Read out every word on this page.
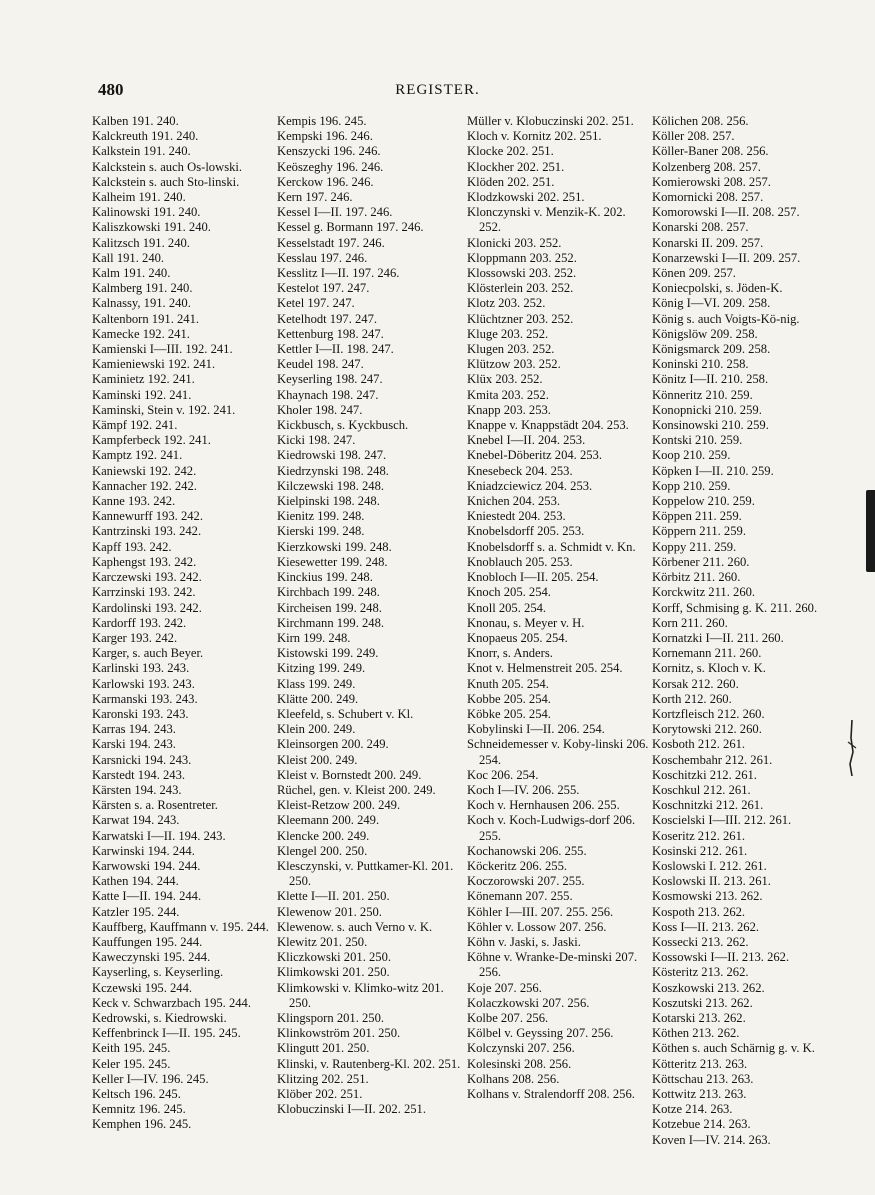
480	REGISTER.
Kalben 191. 240.
Kalckreuth 191. 240.
Kalkstein 191. 240.
Kalckstein s. auch Os-lowski.
Kalckstein s. auch Sto-linski.
Kalheim 191. 240.
Kalinowski 191. 240.
Kaliszkowski 191. 240.
Kalitzsch 191. 240.
Kall 191. 240.
Kalm 191. 240.
Kalmberg 191. 240.
Kalnassy, 191. 240.
Kaltenborn 191. 241.
Kamecke 192. 241.
Kamienski I—III. 192. 241.
Kamieniewski 192. 241.
Kaminietz 192. 241.
Kaminski 192. 241.
Kaminski, Stein v. 192. 241.
Kämpf 192. 241.
Kampferbeck 192. 241.
Kamptz 192. 241.
Kaniewski 192. 242.
Kannacher 192. 242.
Kanne 193. 242.
Kannewurff 193. 242.
Kantrzinski 193. 242.
Kapff 193. 242.
Kaphengst 193. 242.
Karczewski 193. 242.
Karrzinski 193. 242.
Kardolinski 193. 242.
Kardorff 193. 242.
Karger 193. 242.
Karger, s. auch Beyer.
Karlinski 193. 243.
Karlowski 193. 243.
Karmanski 193. 243.
Karonski 193. 243.
Karras 194. 243.
Karski 194. 243.
Karsnicki 194. 243.
Karstedt 194. 243.
Kärsten 194. 243.
Kärsten s. a. Rosentreter.
Karwat 194. 243.
Karwatski I—II. 194. 243.
Karwinski 194. 244.
Karwowski 194. 244.
Kathen 194. 244.
Katte I—II. 194. 244.
Katzler 195. 244.
Kauffberg, Kauffmann v. 195. 244.
Kauffungen 195. 244.
Kaweczynski 195. 244.
Kayserling, s. Keyserling.
Kczewski 195. 244.
Keck v. Schwarzbach 195. 244.
Kedrowski, s. Kiedrowski.
Keffenbrinck I—II. 195. 245.
Keith 195. 245.
Keler 195. 245.
Keller I—IV. 196. 245.
Keltsch 196. 245.
Kemnitz 196. 245.
Kemphen 196. 245.
Kempis 196. 245.
Kempski 196. 246.
Kenszycki 196. 246.
Keöszeghy 196. 246.
Kerckow 196. 246.
Kern 197. 246.
Kessel I—II. 197. 246.
Kessel g. Bormann 197. 246.
Kesselstadt 197. 246.
Kesslau 197. 246.
Kesslitz I—II. 197. 246.
Kestelot 197. 247.
Ketel 197. 247.
Ketelhodt 197. 247.
Kettenburg 198. 247.
Kettler I—II. 198. 247.
Keudel 198. 247.
Keyserling 198. 247.
Khaynach 198. 247.
Kholer 198. 247.
Kickbusch, s. Kyckbusch.
Kicki 198. 247.
Kiedrowski 198. 247.
Kiedrzynski 198. 248.
Kilczewski 198. 248.
Kielpinski 198. 248.
Kienitz 199. 248.
Kierski 199. 248.
Kierzkowski 199. 248.
Kiesewetter 199. 248.
Kinckius 199. 248.
Kirchbach 199. 248.
Kircheisen 199. 248.
Kirchmann 199. 248.
Kirn 199. 248.
Kistowski 199. 249.
Kitzing 199. 249.
Klass 199. 249.
Klätte 200. 249.
Kleefeld, s. Schubert v. Kl.
Klein 200. 249.
Kleinsorgen 200. 249.
Kleist 200. 249.
Kleist v. Bornstedt 200. 249.
Rüchel, gen. v. Kleist 200. 249.
Kleist-Retzow 200. 249.
Kleemann 200. 249.
Klencke 200. 249.
Klengel 200. 250.
Klesczynski, v. Puttkamer-Kl. 201. 250.
Klette I—II. 201. 250.
Klewenow 201. 250.
Klewenow. s. auch Verno v. K.
Klewitz 201. 250.
Kliczkowski 201. 250.
Klimkowski 201. 250.
Klimkowski v. Klimko-witz 201. 250.
Klingsporn 201. 250.
Klinkowström 201. 250.
Klingutt 201. 250.
Klinski, v. Rautenberg-Kl. 202. 251.
Klitzing 202. 251.
Klöber 202. 251.
Klobuczinski I—II. 202. 251.
Müller v. Klobuczinski 202. 251.
Kloch v. Kornitz 202. 251.
Klocke 202. 251.
Klockher 202. 251.
Klöden 202. 251.
Klodzkowski 202. 251.
Klonczynski v. Menzik-K. 202. 252.
Klonicki 203. 252.
Kloppmann 203. 252.
Klossowski 203. 252.
Klösterlein 203. 252.
Klotz 203. 252.
Klüchtzner 203. 252.
Kluge 203. 252.
Klugen 203. 252.
Klützow 203. 252.
Klüx 203. 252.
Kmita 203. 252.
Knapp 203. 253.
Knappe v. Knappstädt 204. 253.
Knebel I—II. 204. 253.
Knebel-Döberitz 204. 253.
Knesebeck 204. 253.
Kniadzciewicz 204. 253.
Knichen 204. 253.
Kniestedt 204. 253.
Knobelsdorff 205. 253.
Knobelsdorff s. a. Schmidt v. Kn.
Knoblauch 205. 253.
Knobloch I—II. 205. 254.
Knoch 205. 254.
Knoll 205. 254.
Knonau, s. Meyer v. H.
Knopaeus 205. 254.
Knorr, s. Anders.
Knot v. Helmenstreit 205. 254.
Knuth 205. 254.
Kobbe 205. 254.
Köbke 205. 254.
Kobylinski I—II. 206. 254.
Schneidemesser v. Koby-linski 206. 254.
Koc 206. 254.
Koch I—IV. 206. 255.
Koch v. Hernhausen 206. 255.
Koch v. Koch-Ludwigs-dorf 206. 255.
Kochanowski 206. 255.
Köckeritz 206. 255.
Koczorowski 207. 255.
Könemann 207. 255.
Köhler I—III. 207. 255. 256.
Köhler v. Lossow 207. 256.
Köhn v. Jaski, s. Jaski.
Köhne v. Wranke-De-minski 207. 256.
Koje 207. 256.
Kolaczkowski 207. 256.
Kolbe 207. 256.
Kölbel v. Geyssing 207. 256.
Kolczynski 207. 256.
Kolesinski 208. 256.
Kolhans 208. 256.
Kolhans v. Stralendorff 208. 256.
Kölichen 208. 256.
Köller 208. 257.
Köller-Baner 208. 256.
Kolzenberg 208. 257.
Komierowski 208. 257.
Komornicki 208. 257.
Komorowski I—II. 208. 257.
Konarski 208. 257.
Konarski II. 209. 257.
Konarzewski I—II. 209. 257.
Könen 209. 257.
Koniecpolski, s. Jöden-K.
König I—VI. 209. 258.
König s. auch Voigts-Kö-nig.
Königslöw 209. 258.
Königsmarck 209. 258.
Koninski 210. 258.
Könitz I—II. 210. 258.
Könneritz 210. 259.
Konopnicki 210. 259.
Konsinowski 210. 259.
Kontski 210. 259.
Koop 210. 259.
Köpken I—II. 210. 259.
Kopp 210. 259.
Koppelow 210. 259.
Köppen 211. 259.
Köppern 211. 259.
Koppy 211. 259.
Körbener 211. 260.
Körbitz 211. 260.
Korckwitz 211. 260.
Korff, Schmising g. K. 211. 260.
Korn 211. 260.
Kornatzki I—II. 211. 260.
Kornemann 211. 260.
Kornitz, s. Kloch v. K.
Korsak 212. 260.
Korth 212. 260.
Kortzfleisch 212. 260.
Korytowski 212. 260.
Kosboth 212. 261.
Koschembahr 212. 261.
Koschitzki 212. 261.
Koschkul 212. 261.
Koschnitzki 212. 261.
Koscielski I—III. 212. 261.
Koseritz 212. 261.
Kosinski 212. 261.
Koslowski I. 212. 261.
Koslowski II. 213. 261.
Kosmowski 213. 262.
Kospoth 213. 262.
Koss I—II. 213. 262.
Kossecki 213. 262.
Kossowski I—II. 213. 262.
Kösteritz 213. 262.
Koszkowski 213. 262.
Koszutski 213. 262.
Kotarski 213. 262.
Köthen 213. 262.
Köthen s. auch Schärnig g. v. K.
Kötteritz 213. 263.
Köttschau 213. 263.
Kottwitz 213. 263.
Kotze 214. 263.
Kotzebue 214. 263.
Koven I—IV. 214. 263.
